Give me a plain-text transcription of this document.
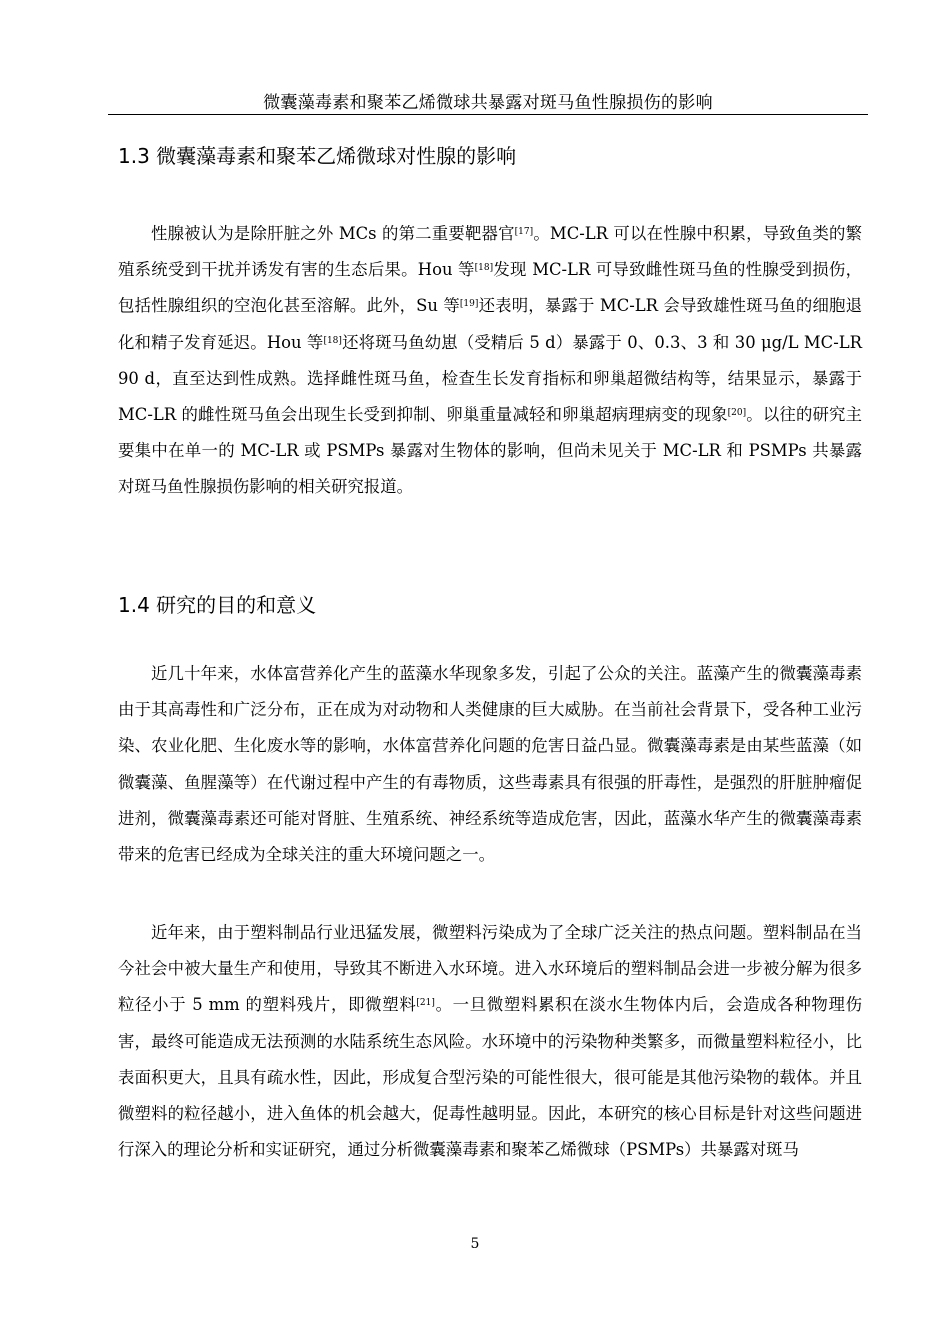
微囊藻毒素和聚苯乙烯微球共暴露对斑马鱼性腺损伤的影响
1.3 微囊藻毒素和聚苯乙烯微球对性腺的影响

性腺被认为是除肝脏之外 MCs 的第二重要靶器官[17]。MC-LR 可以在性腺中积累，导致鱼类的繁殖系统受到干扰并诱发有害的生态后果。Hou 等[18]发现 MC-LR 可导致雌性斑马鱼的性腺受到损伤，包括性腺组织的空泡化甚至溶解。此外，Su 等[19]还表明，暴露于 MC-LR 会导致雄性斑马鱼的细胞退化和精子发育延迟。Hou 等[18]还将斑马鱼幼崽（受精后 5 d）暴露于 0、0.3、3 和 30 μg/L MC-LR 90 d，直至达到性成熟。选择雌性斑马鱼，检查生长发育指标和卵巢超微结构等，结果显示，暴露于 MC-LR 的雌性斑马鱼会出现生长受到抑制、卵巢重量减轻和卵巢超病理病变的现象[20]。以往的研究主要集中在单一的 MC-LR 或 PSMPs 暴露对生物体的影响，但尚未见关于 MC-LR 和 PSMPs 共暴露对斑马鱼性腺损伤影响的相关研究报道。

1.4 研究的目的和意义

近几十年来，水体富营养化产生的蓝藻水华现象多发，引起了公众的关注。蓝藻产生的微囊藻毒素由于其高毒性和广泛分布，正在成为对动物和人类健康的巨大威胁。在当前社会背景下，受各种工业污染、农业化肥、生化废水等的影响，水体富营养化问题的危害日益凸显。微囊藻毒素是由某些蓝藻（如微囊藻、鱼腥藻等）在代谢过程中产生的有毒物质，这些毒素具有很强的肝毒性，是强烈的肝脏肿瘤促进剂，微囊藻毒素还可能对肾脏、生殖系统、神经系统等造成危害，因此，蓝藻水华产生的微囊藻毒素带来的危害已经成为全球关注的重大环境问题之一。

近年来，由于塑料制品行业迅猛发展，微塑料污染成为了全球广泛关注的热点问题。塑料制品在当今社会中被大量生产和使用，导致其不断进入水环境。进入水环境后的塑料制品会进一步被分解为很多粒径小于 5 mm 的塑料残片，即微塑料[21]。一旦微塑料累积在淡水生物体内后，会造成各种物理伤害，最终可能造成无法预测的水陆系统生态风险。水环境中的污染物种类繁多，而微量塑料粒径小，比表面积更大，且具有疏水性，因此，形成复合型污染的可能性很大，很可能是其他污染物的载体。并且微塑料的粒径越小，进入鱼体的机会越大，促毒性越明显。因此，本研究的核心目标是针对这些问题进行深入的理论分析和实证研究，通过分析微囊藻毒素和聚苯乙烯微球（PSMPs）共暴露对斑马

5
